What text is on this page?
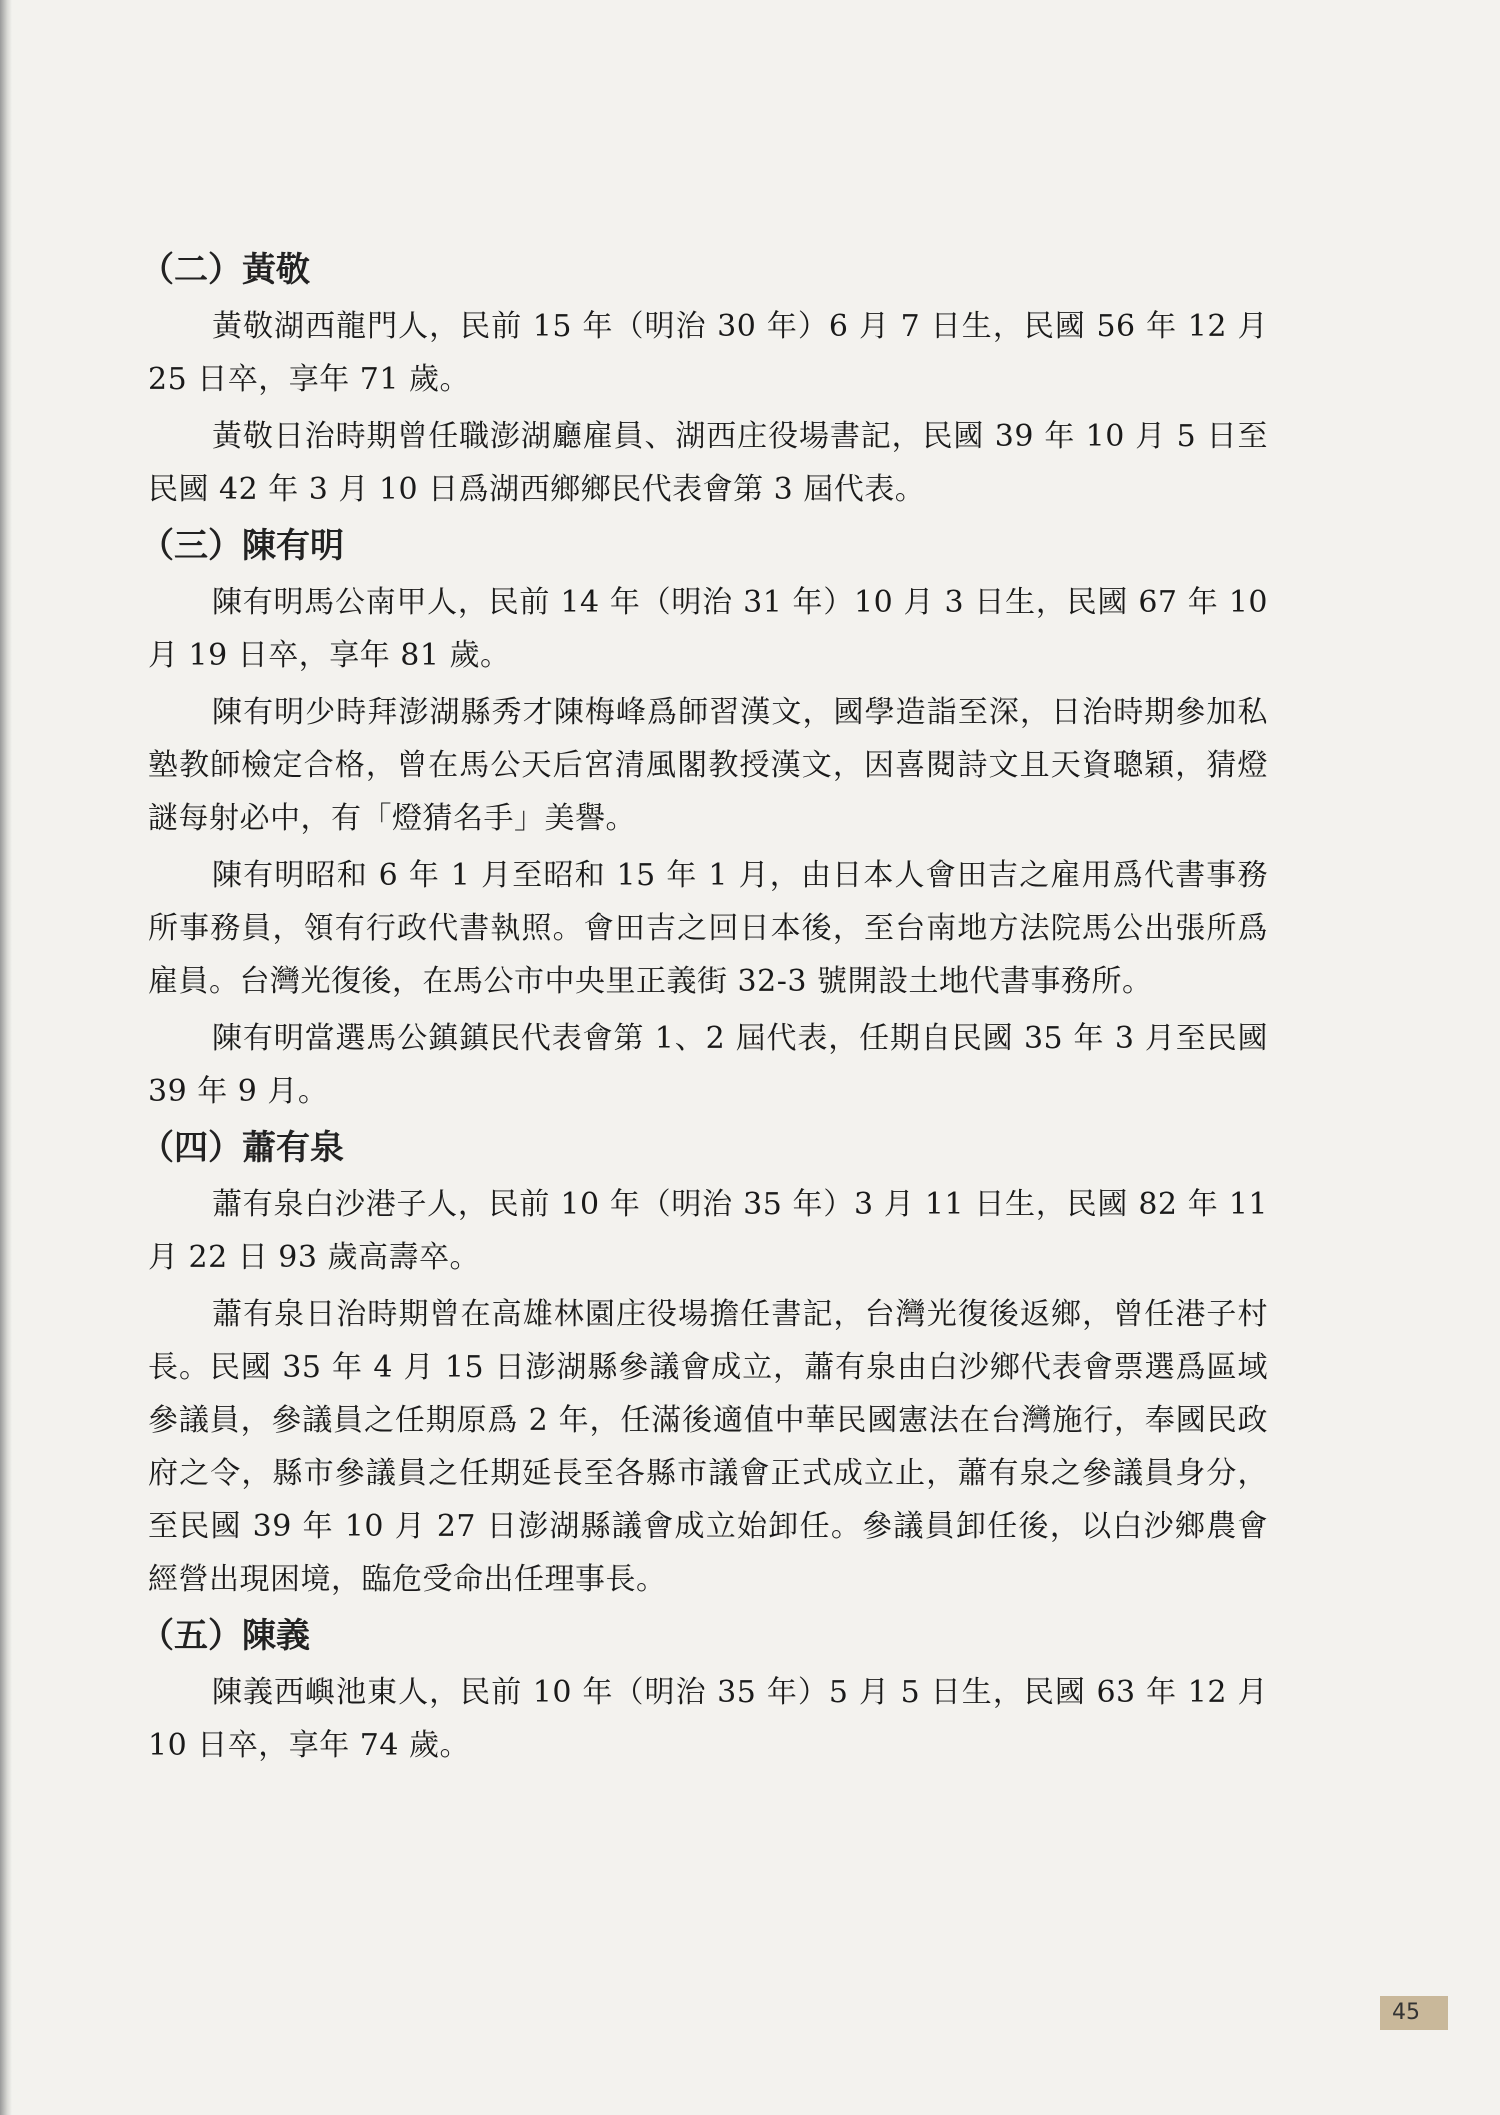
（二）黃敬

黃敬湖西龍門人，民前 15 年（明治 30 年）6 月 7 日生，民國 56 年 12 月 25 日卒，享年 71 歲。

黃敬日治時期曾任職澎湖廳雇員、湖西庄役場書記，民國 39 年 10 月 5 日至民國 42 年 3 月 10 日爲湖西鄉鄉民代表會第 3 屆代表。

（三）陳有明

陳有明馬公南甲人，民前 14 年（明治 31 年）10 月 3 日生，民國 67 年 10 月 19 日卒，享年 81 歲。

陳有明少時拜澎湖縣秀才陳梅峰爲師習漢文，國學造詣至深，日治時期參加私塾教師檢定合格，曾在馬公天后宮清風閣教授漢文，因喜閱詩文且天資聰穎，猜燈謎每射必中，有「燈猜名手」美譽。

陳有明昭和 6 年 1 月至昭和 15 年 1 月，由日本人會田吉之雇用爲代書事務所事務員，領有行政代書執照。會田吉之回日本後，至台南地方法院馬公出張所爲雇員。台灣光復後，在馬公市中央里正義街 32-3 號開設土地代書事務所。

陳有明當選馬公鎮鎮民代表會第 1、2 屆代表，任期自民國 35 年 3 月至民國 39 年 9 月。

（四）蕭有泉

蕭有泉白沙港子人，民前 10 年（明治 35 年）3 月 11 日生，民國 82 年 11 月 22 日 93 歲高壽卒。

蕭有泉日治時期曾在高雄林園庄役場擔任書記，台灣光復後返鄉，曾任港子村長。民國 35 年 4 月 15 日澎湖縣參議會成立，蕭有泉由白沙鄉代表會票選爲區域參議員，參議員之任期原爲 2 年，任滿後適值中華民國憲法在台灣施行，奉國民政府之令，縣市參議員之任期延長至各縣市議會正式成立止，蕭有泉之參議員身分，至民國 39 年 10 月 27 日澎湖縣議會成立始卸任。參議員卸任後，以白沙鄉農會經營出現困境，臨危受命出任理事長。

（五）陳義

陳義西嶼池東人，民前 10 年（明治 35 年）5 月 5 日生，民國 63 年 12 月 10 日卒，享年 74 歲。

45
